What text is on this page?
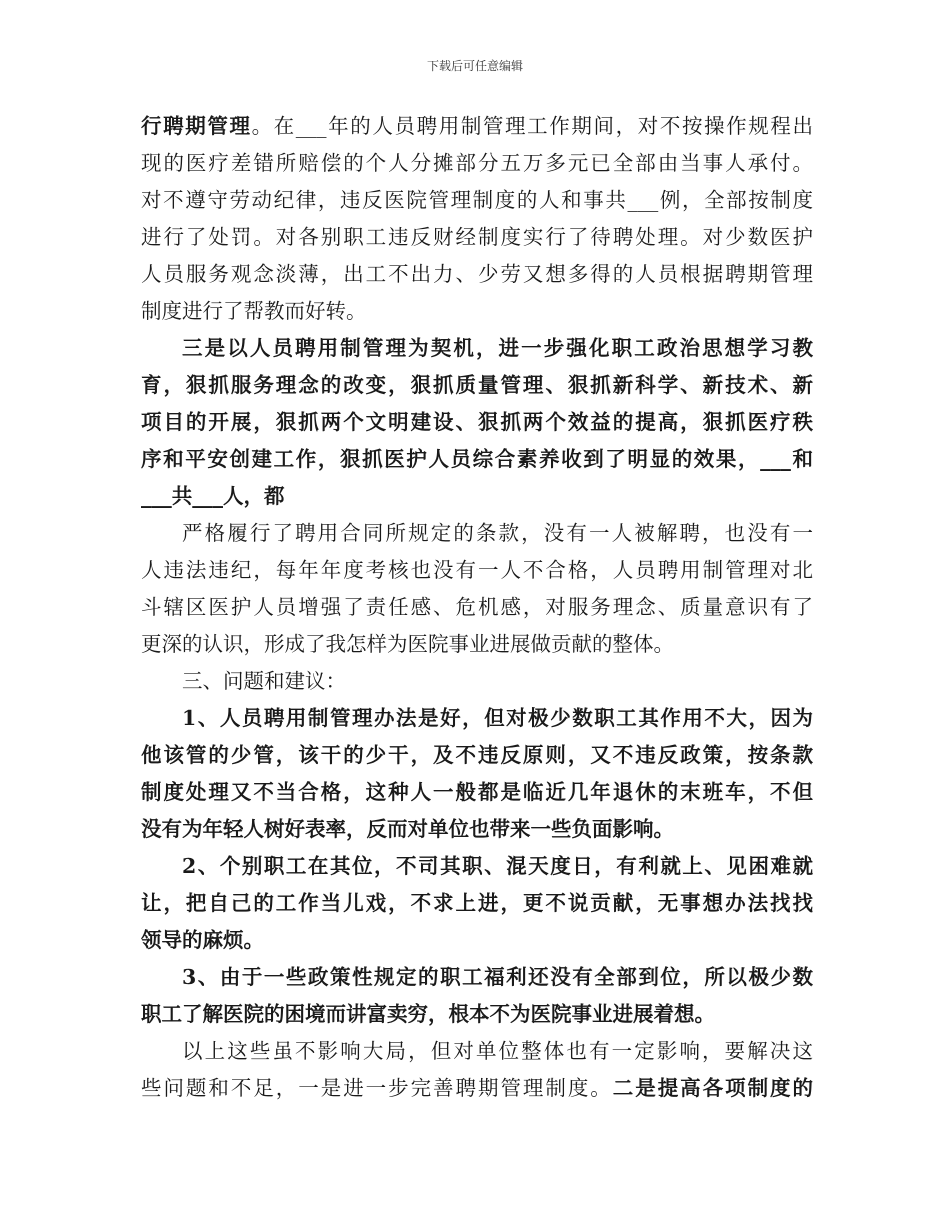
下载后可任意编辑
行聘期管理。在___年的人员聘用制管理工作期间，对不按操作规程出
现的医疗差错所赔偿的个人分摊部分五万多元已全部由当事人承付。
对不遵守劳动纪律，违反医院管理制度的人和事共___例，全部按制度
进行了处罚。对各别职工违反财经制度实行了待聘处理。对少数医护
人员服务观念淡薄，出工不出力、少劳又想多得的人员根据聘期管理
制度进行了帮教而好转。
三是以人员聘用制管理为契机，进一步强化职工政治思想学习教
育，狠抓服务理念的改变，狠抓质量管理、狠抓新科学、新技术、新
项目的开展，狠抓两个文明建设、狠抓两个效益的提高，狠抓医疗秩
序和平安创建工作，狠抓医护人员综合素养收到了明显的效果，___和
___共___人，都
严格履行了聘用合同所规定的条款，没有一人被解聘，也没有一
人违法违纪，每年年度考核也没有一人不合格，人员聘用制管理对北
斗辖区医护人员增强了责任感、危机感，对服务理念、质量意识有了
更深的认识，形成了我怎样为医院事业进展做贡献的整体。
三、问题和建议：
1、人员聘用制管理办法是好，但对极少数职工其作用不大，因为
他该管的少管，该干的少干，及不违反原则，又不违反政策，按条款
制度处理又不当合格，这种人一般都是临近几年退休的末班车，不但
没有为年轻人树好表率，反而对单位也带来一些负面影响。
2、个别职工在其位，不司其职、混天度日，有利就上、见困难就
让，把自己的工作当儿戏，不求上进，更不说贡献，无事想办法找找
领导的麻烦。
3、由于一些政策性规定的职工福利还没有全部到位，所以极少数
职工了解医院的困境而讲富卖穷，根本不为医院事业进展着想。
以上这些虽不影响大局，但对单位整体也有一定影响，要解决这
些问题和不足，一是进一步完善聘期管理制度。二是提高各项制度的
